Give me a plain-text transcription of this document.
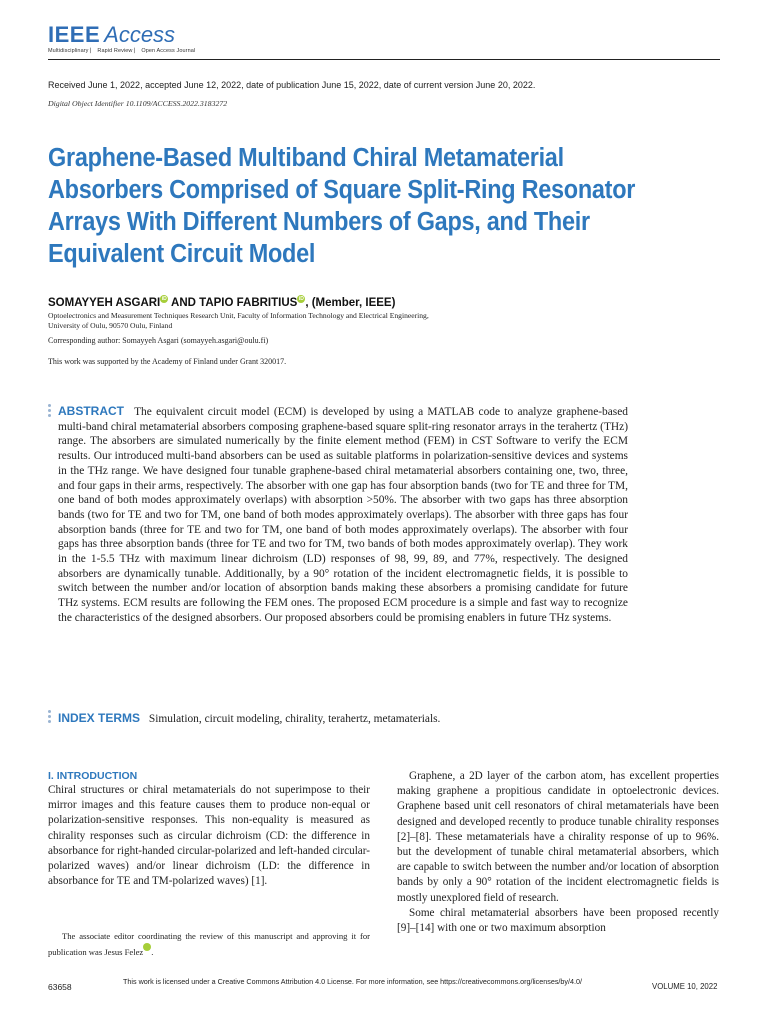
IEEE Access
Multidisciplinary ⎸ Rapid Review ⎸ Open Access Journal
Received June 1, 2022, accepted June 12, 2022, date of publication June 15, 2022, date of current version June 20, 2022.
Digital Object Identifier 10.1109/ACCESS.2022.3183272
Graphene-Based Multiband Chiral Metamaterial Absorbers Comprised of Square Split-Ring Resonator Arrays With Different Numbers of Gaps, and Their Equivalent Circuit Model
SOMAYYEH ASGARI iD AND TAPIO FABRITIUS iD , (Member, IEEE)
Optoelectronics and Measurement Techniques Research Unit, Faculty of Information Technology and Electrical Engineering,
University of Oulu, 90570 Oulu, Finland
Corresponding author: Somayyeh Asgari (somayyeh.asgari@oulu.fi)
This work was supported by the Academy of Finland under Grant 320017.
ABSTRACT The equivalent circuit model (ECM) is developed by using a MATLAB code to analyze graphene-based multi-band chiral metamaterial absorbers composing graphene-based square split-ring resonator arrays in the terahertz (THz) range. The absorbers are simulated numerically by the finite element method (FEM) in CST Software to verify the ECM results. Our introduced multi-band absorbers can be used as suitable platforms in polarization-sensitive devices and systems in the THz range. We have designed four tunable graphene-based chiral metamaterial absorbers containing one, two, three, and four gaps in their arms, respectively. The absorber with one gap has four absorption bands (two for TE and three for TM, one band of both modes approximately overlaps) with absorption >50%. The absorber with two gaps has three absorption bands (two for TE and two for TM, one band of both modes approximately overlaps). The absorber with three gaps has four absorption bands (three for TE and two for TM, one band of both modes approximately overlaps). The absorber with four gaps has three absorption bands (three for TE and two for TM, two bands of both modes approximately overlap). They work in the 1-5.5 THz with maximum linear dichroism (LD) responses of 98, 99, 89, and 77%, respectively. The designed absorbers are dynamically tunable. Additionally, by a 90° rotation of the incident electromagnetic fields, it is possible to switch between the number and/or location of absorption bands making these absorbers a promising candidate for future THz systems. ECM results are following the FEM ones. The proposed ECM procedure is a simple and fast way to recognize the characteristics of the designed absorbers. Our proposed absorbers could be promising enablers in future THz systems.
INDEX TERMS Simulation, circuit modeling, chirality, terahertz, metamaterials.
I. INTRODUCTION

Chiral structures or chiral metamaterials do not superimpose to their mirror images and this feature causes them to produce non-equal or polarization-sensitive responses. This non-equality is measured as chirality responses such as circular dichroism (CD: the difference in absorbance for right-handed circular-polarized and left-handed circular-polarized waves) and/or linear dichroism (LD: the difference in absorbance for TE and TM-polarized waves) [1].

The associate editor coordinating the review of this manuscript and approving it for publication was Jesus FeleziD.

Graphene, a 2D layer of the carbon atom, has excellent properties making graphene a propitious candidate in optoelectronic devices. Graphene based unit cell resonators of chiral metamaterials have been designed and developed recently to produce tunable chirality responses [2]–[8]. These metamaterials have a chirality response of up to 96%. but the development of tunable chiral metamaterial absorbers, which are capable to switch between the number and/or location of absorption bands by only a 90° rotation of the incident electromagnetic fields is mostly unexplored field of research.

Some chiral metamaterial absorbers have been proposed recently [9]–[14] with one or two maximum absorption

63658
This work is licensed under a Creative Commons Attribution 4.0 License. For more information, see https://creativecommons.org/licenses/by/4.0/
VOLUME 10, 2022
